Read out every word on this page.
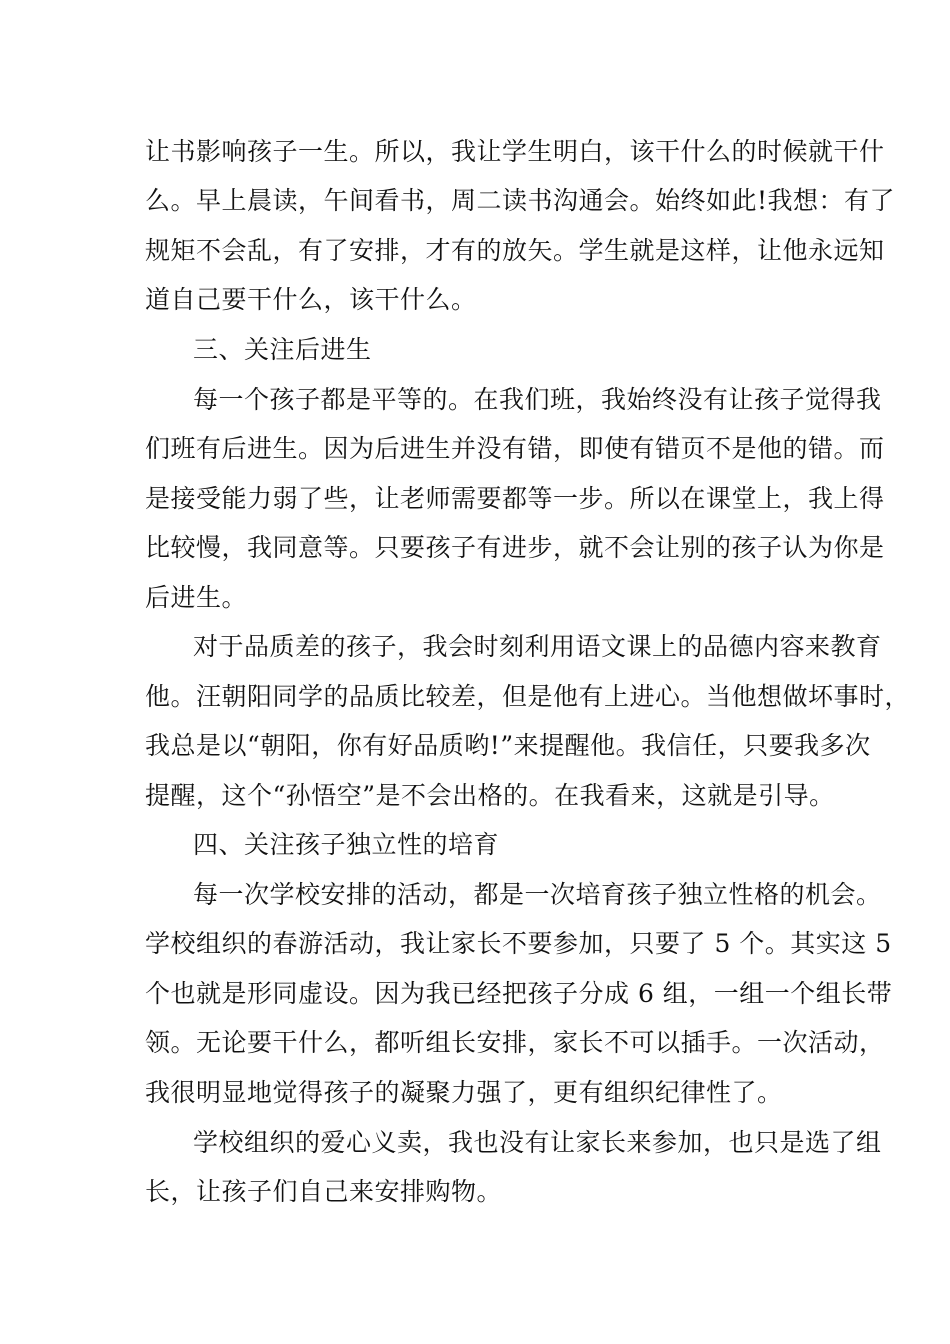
让书影响孩子一生。所以，我让学生明白，该干什么的时候就干什
么。早上晨读，午间看书，周二读书沟通会。始终如此!我想：有了
规矩不会乱，有了安排，才有的放矢。学生就是这样，让他永远知
道自己要干什么，该干什么。
三、关注后进生
每一个孩子都是平等的。在我们班，我始终没有让孩子觉得我
们班有后进生。因为后进生并没有错，即使有错页不是他的错。而
是接受能力弱了些，让老师需要都等一步。所以在课堂上，我上得
比较慢，我同意等。只要孩子有进步，就不会让别的孩子认为你是
后进生。
对于品质差的孩子，我会时刻利用语文课上的品德内容来教育
他。汪朝阳同学的品质比较差，但是他有上进心。当他想做坏事时，
我总是以“朝阳，你有好品质哟!”来提醒他。我信任，只要我多次
提醒，这个“孙悟空”是不会出格的。在我看来，这就是引导。
四、关注孩子独立性的培育
每一次学校安排的活动，都是一次培育孩子独立性格的机会。
学校组织的春游活动，我让家长不要参加，只要了 5 个。其实这 5
个也就是形同虚设。因为我已经把孩子分成 6 组，一组一个组长带
领。无论要干什么，都听组长安排，家长不可以插手。一次活动，
我很明显地觉得孩子的凝聚力强了，更有组织纪律性了。
学校组织的爱心义卖，我也没有让家长来参加，也只是选了组
长，让孩子们自己来安排购物。
